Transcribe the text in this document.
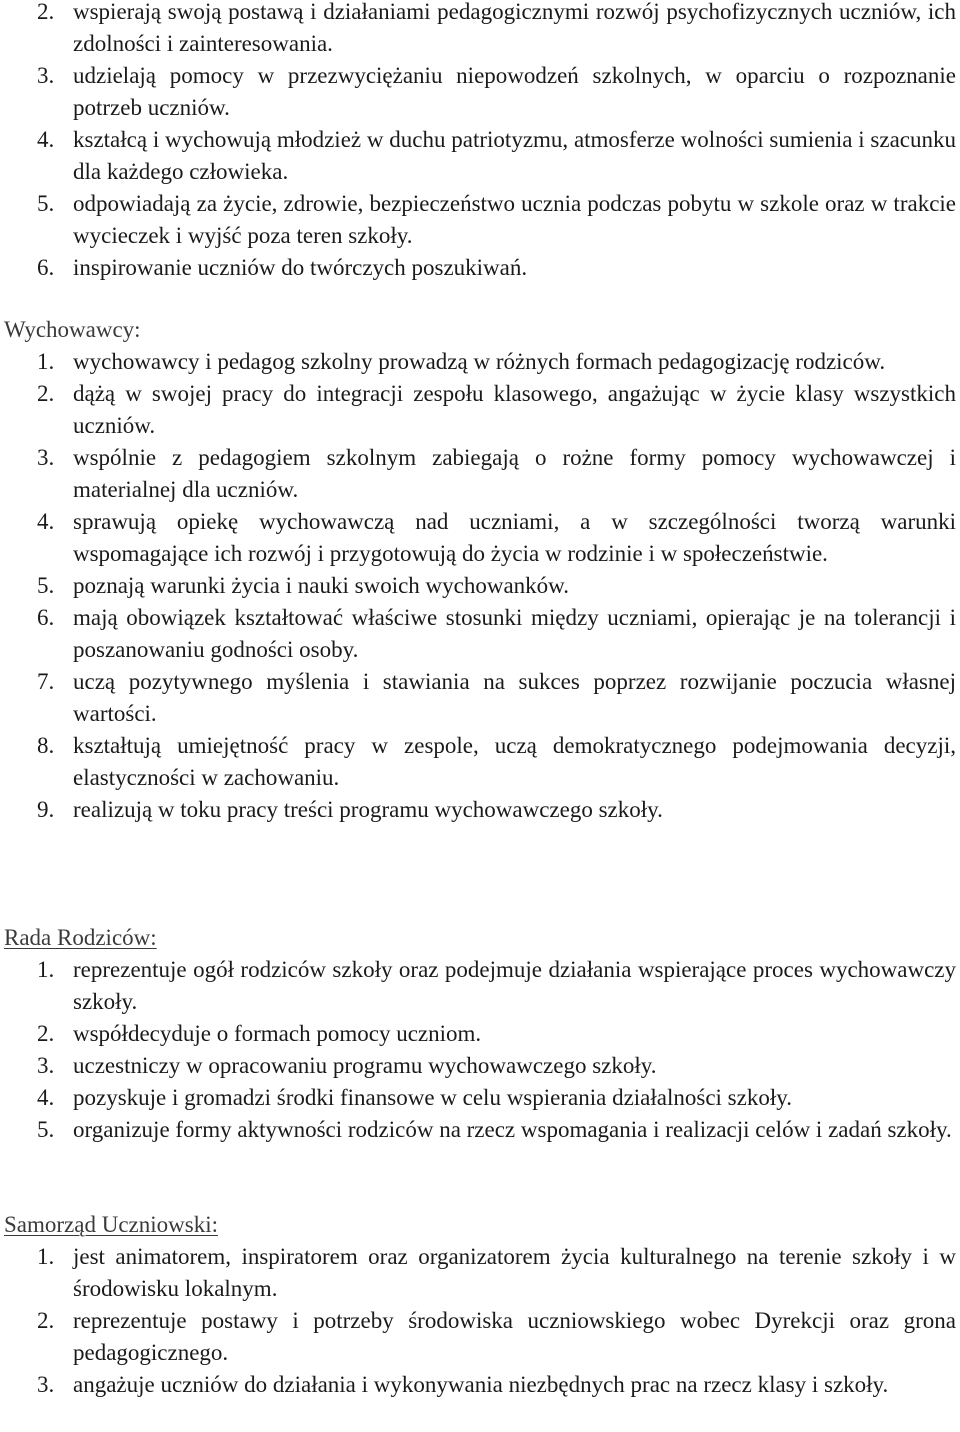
2. wspierają swoją postawą i działaniami pedagogicznymi rozwój psychofizycznych uczniów, ich zdolności i zainteresowania.
3. udzielają pomocy w przezwyciężaniu niepowodzeń szkolnych, w oparciu o rozpoznanie potrzeb uczniów.
4. kształcą i wychowują młodzież w duchu patriotyzmu, atmosferze wolności sumienia i szacunku dla każdego człowieka.
5. odpowiadają za życie, zdrowie, bezpieczeństwo ucznia podczas pobytu w szkole oraz w trakcie wycieczek i wyjść poza teren szkoły.
6. inspirowanie uczniów do twórczych poszukiwań.
Wychowawcy:
1. wychowawcy i pedagog szkolny prowadzą w różnych formach pedagogizację rodziców.
2. dążą w swojej pracy do integracji zespołu klasowego, angażując w życie klasy wszystkich uczniów.
3. wspólnie z pedagogiem szkolnym zabiegają o rożne formy pomocy wychowawczej i materialnej dla uczniów.
4. sprawują opiekę wychowawczą nad uczniami, a w szczególności tworzą warunki wspomagające ich rozwój i przygotowują do życia w rodzinie i w społeczeństwie.
5. poznają warunki życia i nauki swoich wychowanków.
6. mają obowiązek kształtować właściwe stosunki między uczniami, opierając je na tolerancji i poszanowaniu godności osoby.
7. uczą pozytywnego myślenia i stawiania na sukces poprzez rozwijanie poczucia własnej wartości.
8. kształtują umiejętność pracy w zespole, uczą demokratycznego podejmowania decyzji, elastyczności w zachowaniu.
9. realizują w toku pracy treści programu wychowawczego szkoły.
Rada Rodziców:
1. reprezentuje ogół rodziców szkoły oraz podejmuje działania wspierające proces wychowawczy szkoły.
2. współdecyduje o formach pomocy uczniom.
3. uczestniczy w opracowaniu programu wychowawczego szkoły.
4. pozyskuje i gromadzi środki finansowe w celu wspierania działalności szkoły.
5. organizuje formy aktywności rodziców na rzecz wspomagania i realizacji celów i zadań szkoły.
Samorząd Uczniowski:
1. jest animatorem, inspiratorem oraz organizatorem życia kulturalnego na terenie szkoły i w środowisku lokalnym.
2. reprezentuje postawy i potrzeby środowiska uczniowskiego wobec Dyrekcji oraz grona pedagogicznego.
3. angażuje uczniów do działania i wykonywania niezbędnych prac na rzecz klasy i szkoły.
